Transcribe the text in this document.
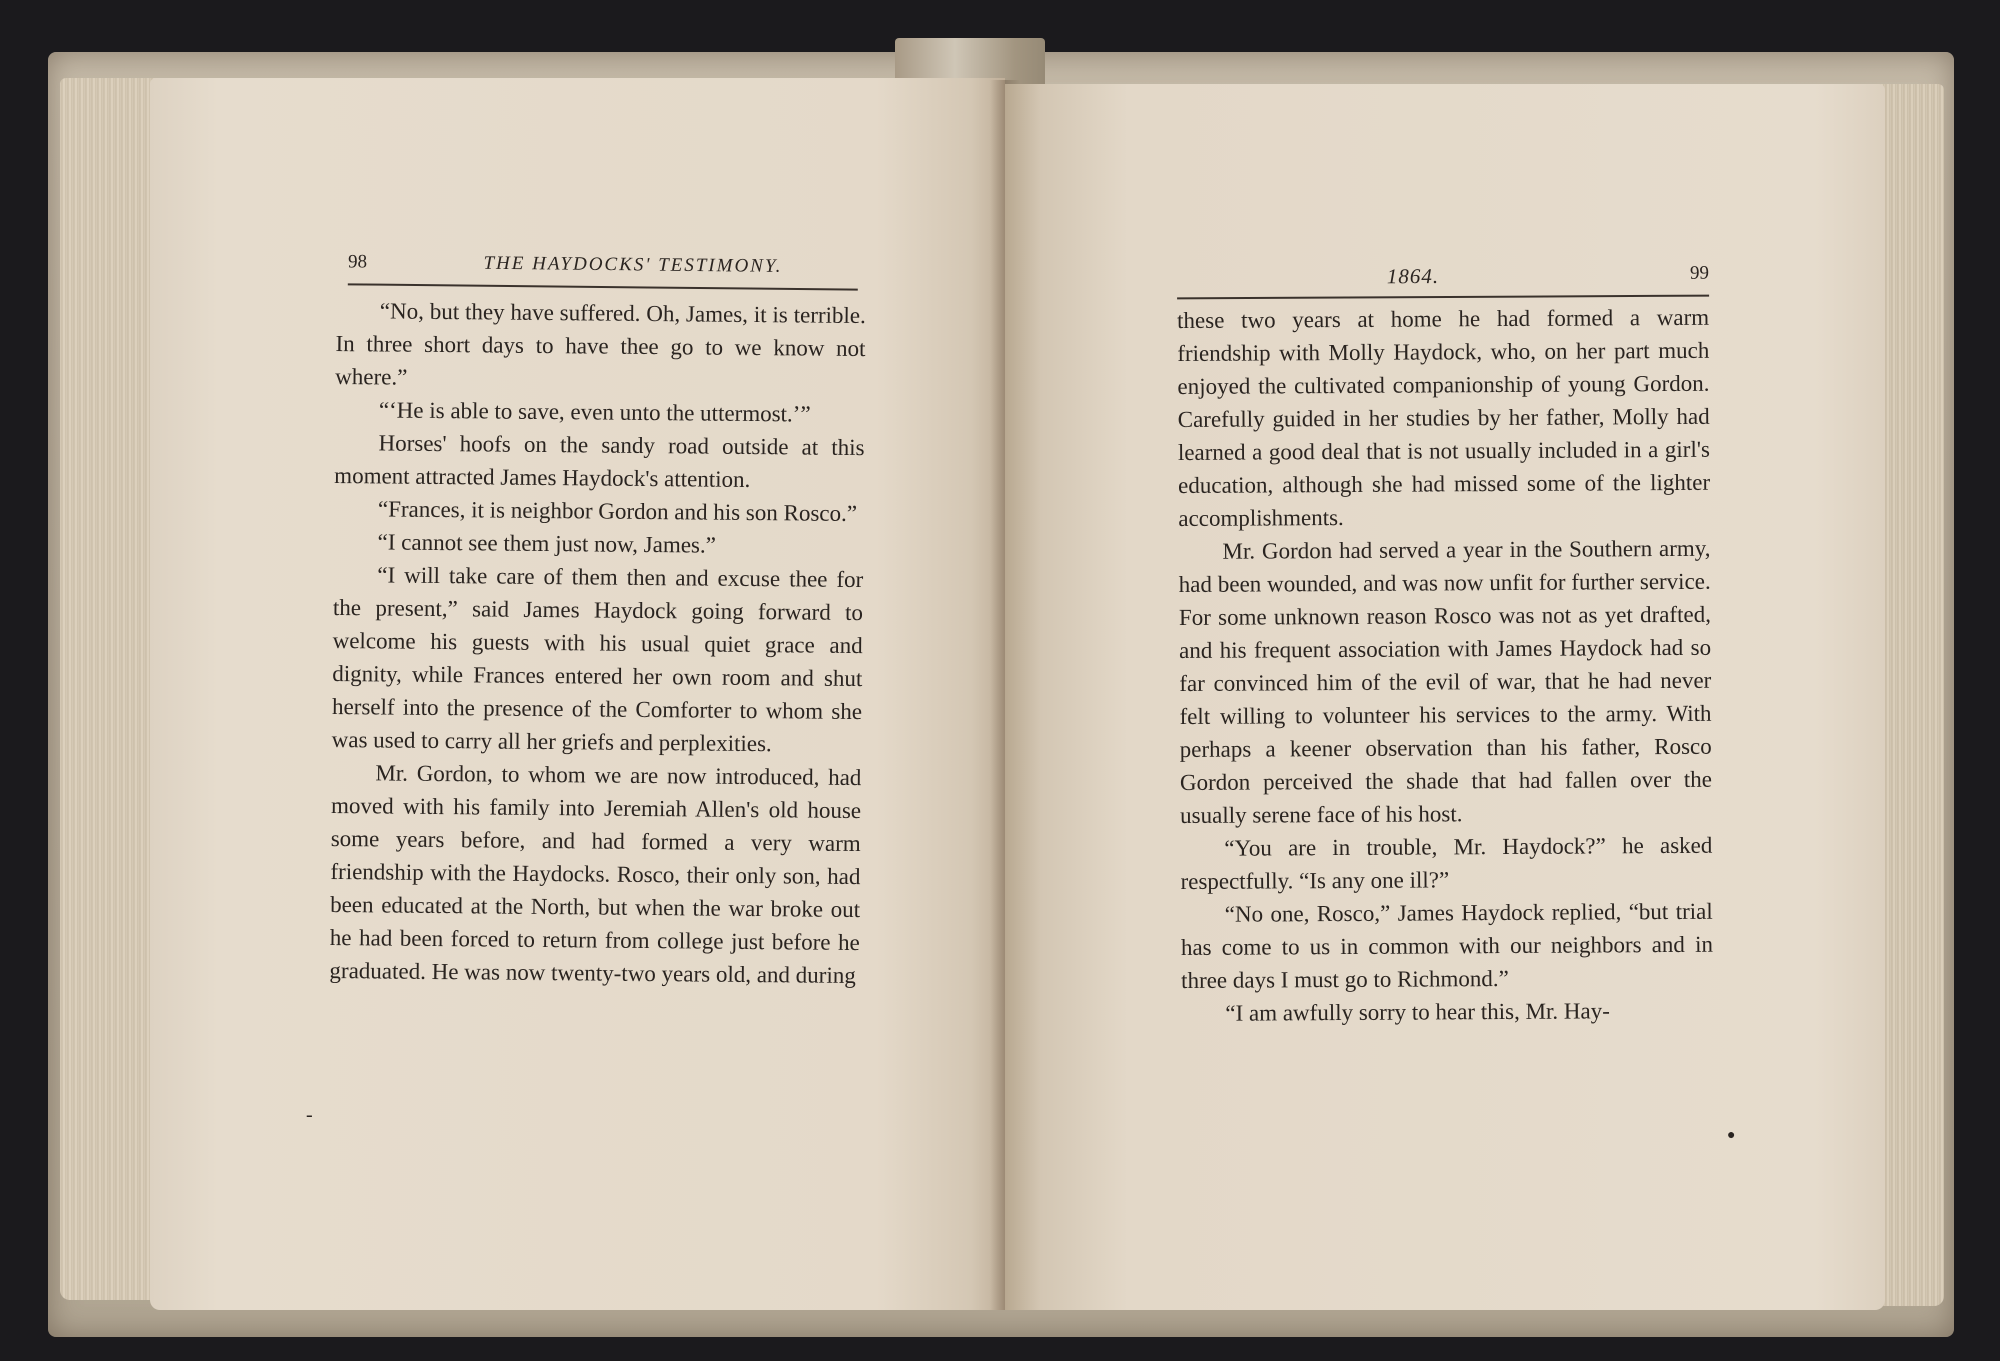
98	THE HAYDOCKS' TESTIMONY.

“No, but they have suffered. Oh, James, it is terrible. In three short days to have thee go to we know not where.”

“‘He is able to save, even unto the uttermost.’”

Horses' hoofs on the sandy road outside at this moment attracted James Haydock's attention.

“Frances, it is neighbor Gordon and his son Rosco.”

“I cannot see them just now, James.”

“I will take care of them then and excuse thee for the present,” said James Haydock going forward to welcome his guests with his usual quiet grace and dignity, while Frances entered her own room and shut herself into the presence of the Comforter to whom she was used to carry all her griefs and perplexities.

Mr. Gordon, to whom we are now introduced, had moved with his family into Jeremiah Allen's old house some years before, and had formed a very warm friendship with the Haydocks. Rosco, their only son, had been educated at the North, but when the war broke out he had been forced to return from college just before he graduated. He was now twenty-two years old, and during

‑
1864.	99

these two years at home he had formed a warm friendship with Molly Haydock, who, on her part much enjoyed the cultivated companionship of young Gordon. Carefully guided in her studies by her father, Molly had learned a good deal that is not usually included in a girl's education, although she had missed some of the lighter accomplishments.

Mr. Gordon had served a year in the Southern army, had been wounded, and was now unfit for further service. For some unknown reason Rosco was not as yet drafted, and his frequent association with James Haydock had so far convinced him of the evil of war, that he had never felt willing to volunteer his services to the army. With perhaps a keener observation than his father, Rosco Gordon perceived the shade that had fallen over the usually serene face of his host.

“You are in trouble, Mr. Haydock?” he asked respectfully. “Is any one ill?”

“No one, Rosco,” James Haydock replied, “but trial has come to us in common with our neighbors and in three days I must go to Richmond.”

“I am awfully sorry to hear this, Mr. Hay-

●
